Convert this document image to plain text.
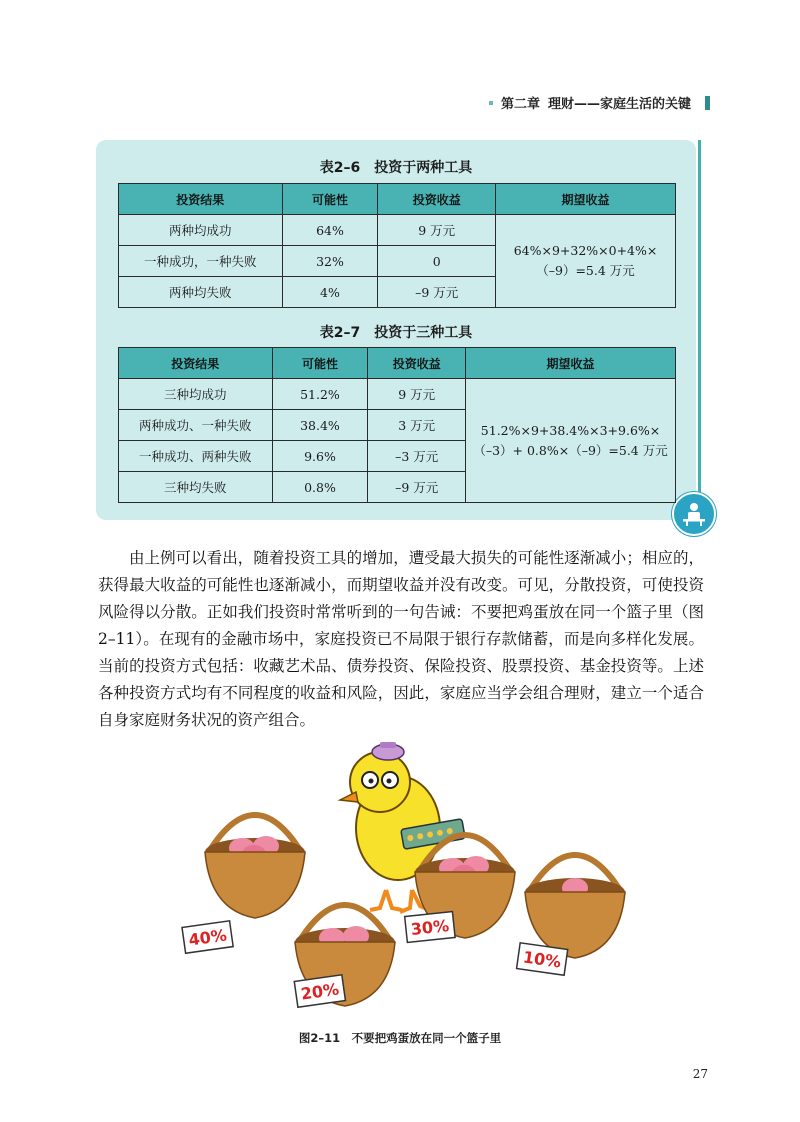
第二章 理财——家庭生活的关键
表2–6　投资于两种工具
投资结果	可能性	投资收益	期望收益
两种均成功	64%	9 万元	64%×9+32%×0+4%×
（–9）=5.4 万元

一种成功，一种失败	32%	0	
两种均失败	4%	–9 万元	
表2–7　投资于三种工具
投资结果	可能性	投资收益	期望收益
三种均成功	51.2%	9 万元	51.2%×9+38.4%×3+9.6%×
（–3）+ 0.8%×（–9）=5.4 万元

两种成功、一种失败	38.4%	3 万元	
一种成功、两种失败	9.6%	–3 万元	
三种均失败	0.8%	–9 万元	

由上例可以看出，随着投资工具的增加，遭受最大损失的可能性逐渐减小；相应的，获得最大收益的可能性也逐渐减小，而期望收益并没有改变。可见，分散投资，可使投资风险得以分散。正如我们投资时常常听到的一句告诫：不要把鸡蛋放在同一个篮子里（图 2–11）。在现有的金融市场中，家庭投资已不局限于银行存款储蓄，而是向多样化发展。当前的投资方式包括：收藏艺术品、债券投资、保险投资、股票投资、基金投资等。上述各种投资方式均有不同程度的收益和风险，因此，家庭应当学会组合理财，建立一个适合自身家庭财务状况的资产组合。

40%
20%
30%
10%
图2–11　不要把鸡蛋放在同一个篮子里
27
